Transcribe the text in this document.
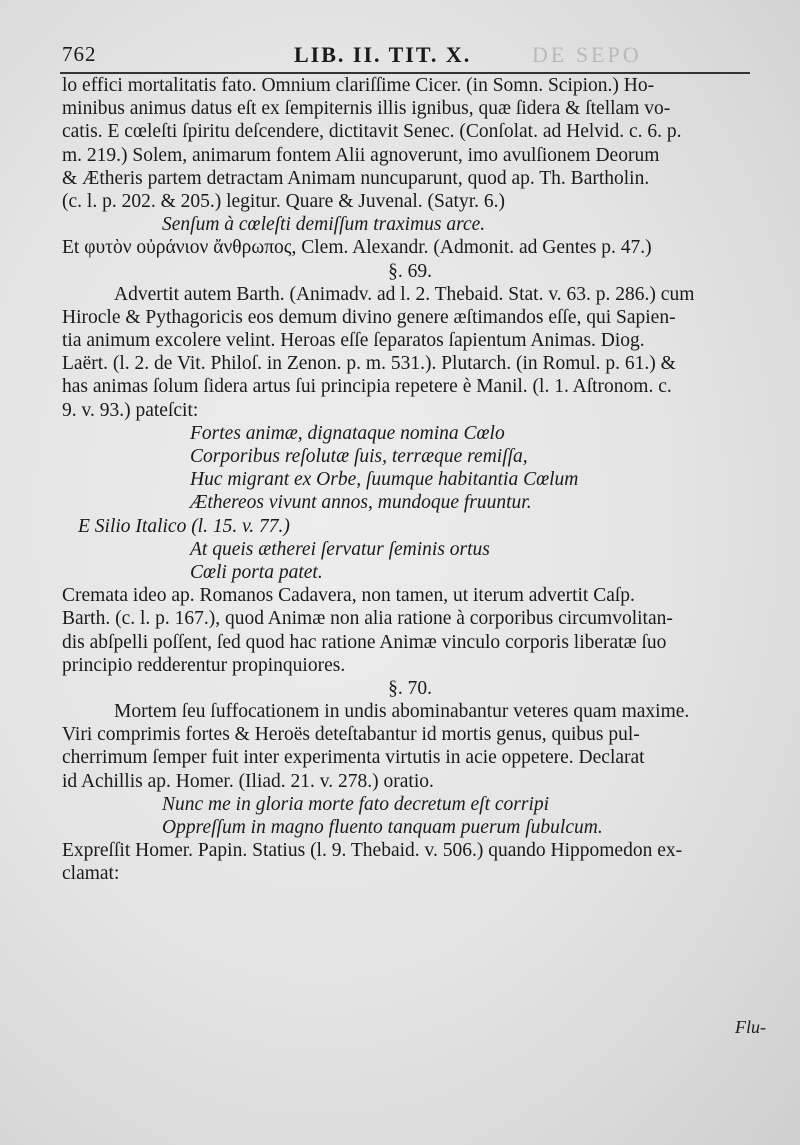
762	LIB. II. TIT. X.	DE SEPO
lo effici mortalitatis fato. Omnium clariſſime Cicer. (in Somn. Scipion.) Ho-
minibus animus datus eſt ex ſempiternis illis ignibus, quæ ſidera & ſtellam vo-
catis. E cœleſti ſpiritu deſcendere, dictitavit Senec. (Conſolat. ad Helvid. c. 6. p.
m. 219.) Solem, animarum fontem Alii agnoverunt, imo avulſionem Deorum
& Ætheris partem detractam Animam nuncuparunt, quod ap. Th. Bartholin.
(c. l. p. 202. & 205.) legitur. Quare & Juvenal. (Satyr. 6.)
Senſum à cœleſti demiſſum traximus arce.
Et φυτὸν οὐράνιον ἄνθρωπος, Clem. Alexandr. (Admonit. ad Gentes p. 47.)
§. 69.
Advertit autem Barth. (Animadv. ad l. 2. Thebaid. Stat. v. 63. p. 286.) cum
Hirocle & Pythagoricis eos demum divino genere æſtimandos eſſe, qui Sapien-
tia animum excolere velint. Heroas eſſe ſeparatos ſapientum Animas. Diog.
Laërt. (l. 2. de Vit. Philoſ. in Zenon. p. m. 531.). Plutarch. (in Romul. p. 61.) &
has animas ſolum ſidera artus ſui principia repetere è Manil. (l. 1. Aſtronom. c.
9. v. 93.) pateſcit:
Fortes animæ, dignataque nomina Cœlo
Corporibus reſolutæ ſuis, terræque remiſſa,
Huc migrant ex Orbe, ſuumque habitantia Cœlum
Æthereos vivunt annos, mundoque fruuntur.
E Silio Italico (l. 15. v. 77.)
At queis ætherei ſervatur ſeminis ortus
Cœli porta patet.
Cremata ideo ap. Romanos Cadavera, non tamen, ut iterum advertit Caſp.
Barth. (c. l. p. 167.), quod Animæ non alia ratione à corporibus circumvolitan-
dis abſpelli poſſent, ſed quod hac ratione Animæ vinculo corporis liberatæ ſuo
principio redderentur propinquiores.
§. 70.
Mortem ſeu ſuffocationem in undis abominabantur veteres quam maxime.
Viri comprimis fortes & Heroës deteſtabantur id mortis genus, quibus pul-
cherrimum ſemper fuit inter experimenta virtutis in acie oppetere. Declarat
id Achillis ap. Homer. (Iliad. 21. v. 278.) oratio.
Nunc me in gloria morte fato decretum eſt corripi
Oppreſſum in magno fluento tanquam puerum ſubulcum.
Expreſſit Homer. Papin. Statius (l. 9. Thebaid. v. 506.) quando Hippomedon ex-
clamat:
Flu-
